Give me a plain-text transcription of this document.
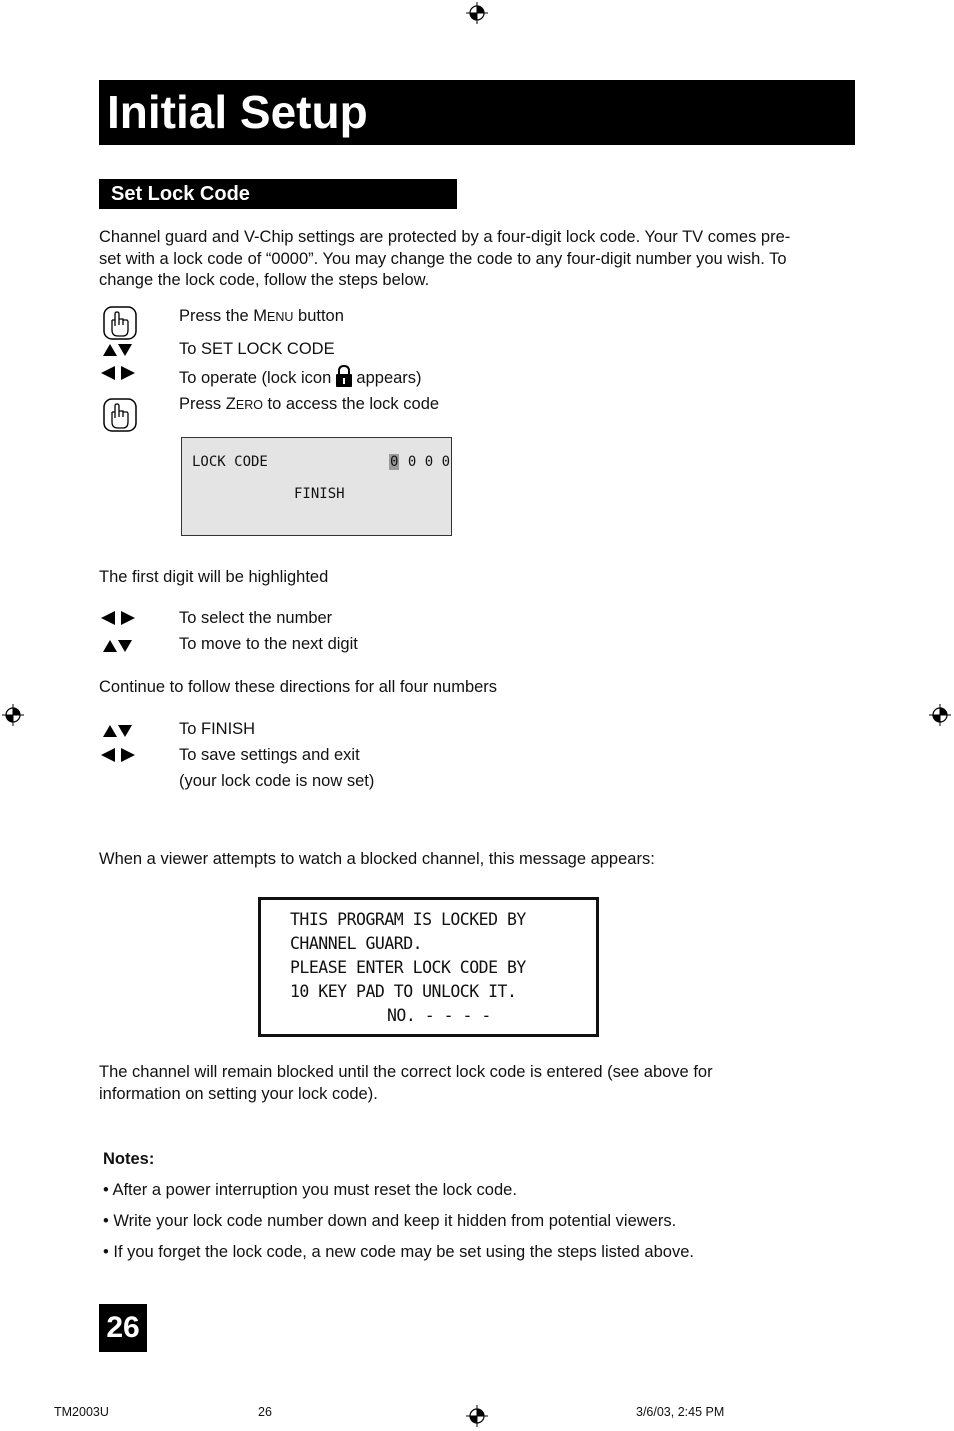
Initial Setup
Set Lock Code
Channel guard and V-Chip settings are protected by a four-digit lock code. Your TV comes pre-
set with a lock code of “0000”. You may change the code to any four-digit number you wish. To
change the lock code, follow the steps below.
Press the MENU button
To SET LOCK CODE
To operate (lock icon  appears)
Press ZERO to access the lock code
LOCK CODE	0 0 0 0
FINISH
The first digit will be highlighted
To select the number
To move to the next digit
Continue to follow these directions for all four numbers
To FINISH
To save settings and exit
(your lock code is now set)
When a viewer attempts to watch a blocked channel, this message appears:
THIS PROGRAM IS LOCKED BY
CHANNEL GUARD.
PLEASE ENTER LOCK CODE BY
10 KEY PAD TO UNLOCK IT.
NO. - - - -
The channel will remain blocked until the correct lock code is entered (see above for
information on setting your lock code).
Notes:
• After a power interruption you must reset the lock code.
• Write your lock code number down and keep it hidden from potential viewers.
• If you forget the lock code, a new code may be set using the steps listed above.
26
TM2003U	26	3/6/03, 2:45 PM
